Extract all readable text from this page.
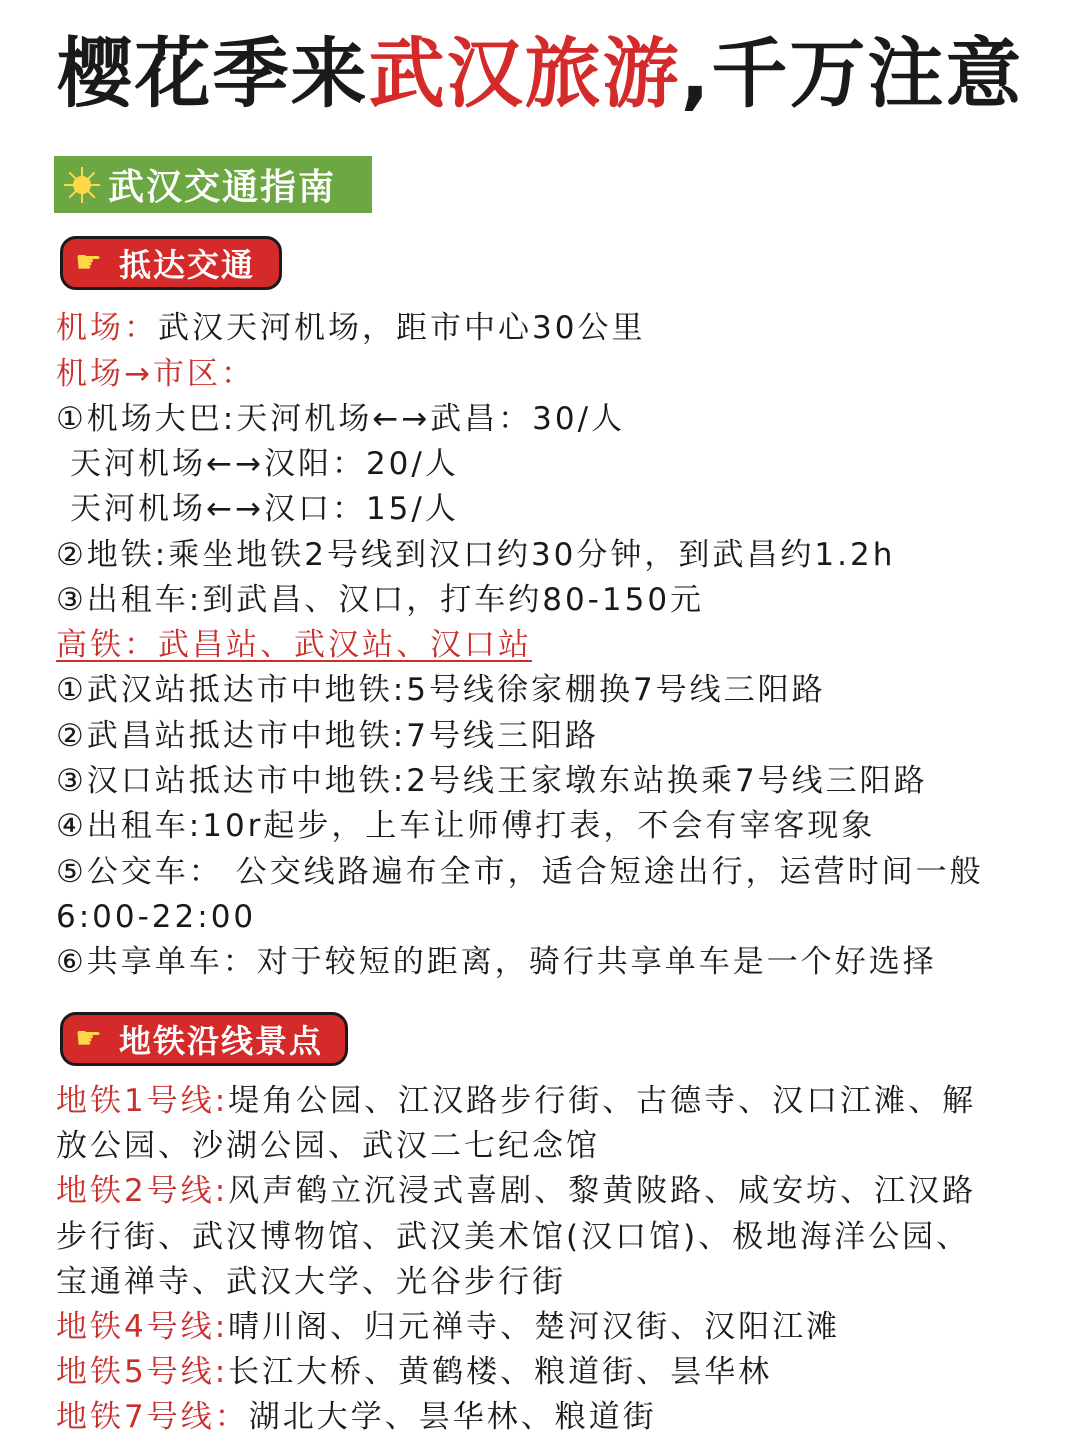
樱花季来武汉旅游,千万注意
武汉交通指南
☛ 抵达交通
机场：武汉天河机场，距市中心30公里
机场→市区：
①机场大巴:天河机场←→武昌：30/人
天河机场←→汉阳：20/人
天河机场←→汉口：15/人
②地铁:乘坐地铁2号线到汉口约30分钟，到武昌约1.2h
③出租车:到武昌、汉口，打车约80-150元
高铁：武昌站、武汉站、汉口站
①武汉站抵达市中地铁:5号线徐家棚换7号线三阳路
②武昌站抵达市中地铁:7号线三阳路
③汉口站抵达市中地铁:2号线王家墩东站换乘7号线三阳路
④出租车:10r起步，上车让师傅打表，不会有宰客现象
⑤公交车： 公交线路遍布全市，适合短途出行，运营时间一般
6:00-22:00
⑥共享单车：对于较短的距离，骑行共享单车是一个好选择
☛ 地铁沿线景点
地铁1号线:堤角公园、江汉路步行街、古德寺、汉口江滩、解
放公园、沙湖公园、武汉二七纪念馆
地铁2号线:风声鹤立沉浸式喜剧、黎黄陂路、咸安坊、江汉路
步行街、武汉博物馆、武汉美术馆(汉口馆)、极地海洋公园、
宝通禅寺、武汉大学、光谷步行街
地铁4号线:晴川阁、归元禅寺、楚河汉街、汉阳江滩
地铁5号线:长江大桥、黄鹤楼、粮道街、昙华林
地铁7号线：湖北大学、昙华林、粮道街
